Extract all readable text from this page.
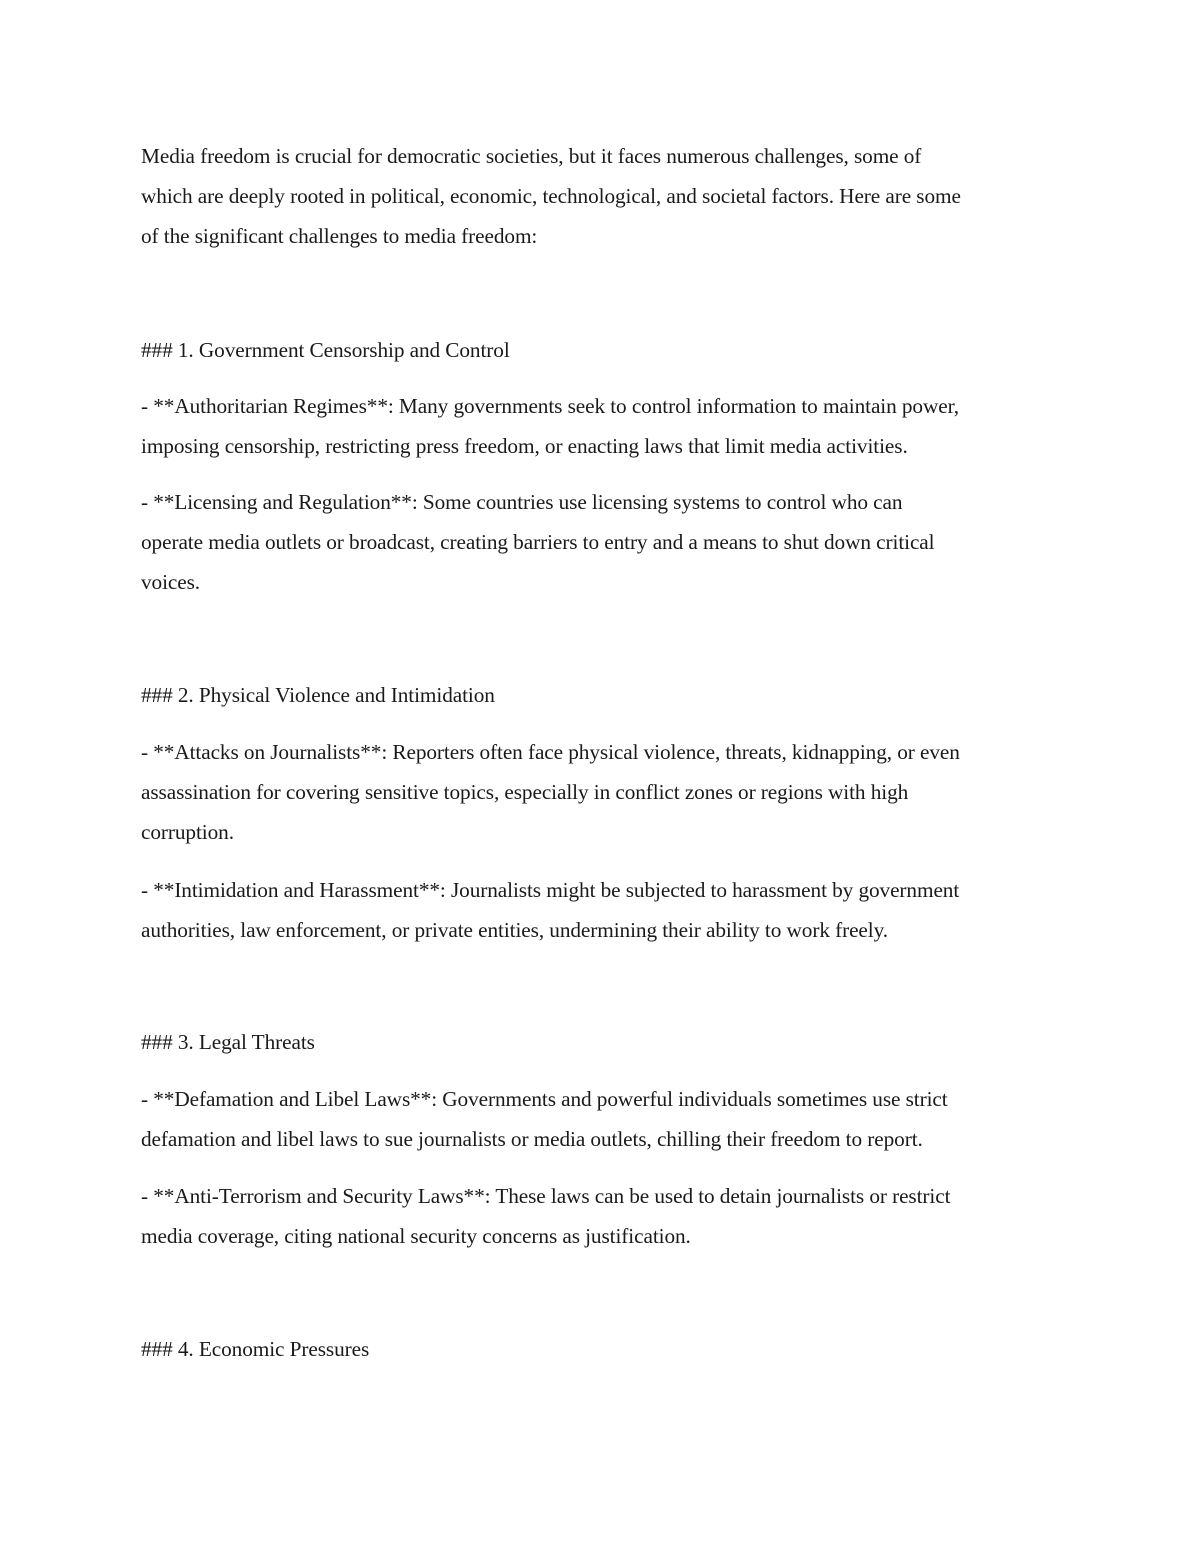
Media freedom is crucial for democratic societies, but it faces numerous challenges, some of
which are deeply rooted in political, economic, technological, and societal factors. Here are some
of the significant challenges to media freedom:

### 1. Government Censorship and Control

- **Authoritarian Regimes**: Many governments seek to control information to maintain power,
imposing censorship, restricting press freedom, or enacting laws that limit media activities.

- **Licensing and Regulation**: Some countries use licensing systems to control who can
operate media outlets or broadcast, creating barriers to entry and a means to shut down critical
voices.

### 2. Physical Violence and Intimidation

- **Attacks on Journalists**: Reporters often face physical violence, threats, kidnapping, or even
assassination for covering sensitive topics, especially in conflict zones or regions with high
corruption.

- **Intimidation and Harassment**: Journalists might be subjected to harassment by government
authorities, law enforcement, or private entities, undermining their ability to work freely.

### 3. Legal Threats

- **Defamation and Libel Laws**: Governments and powerful individuals sometimes use strict
defamation and libel laws to sue journalists or media outlets, chilling their freedom to report.

- **Anti-Terrorism and Security Laws**: These laws can be used to detain journalists or restrict
media coverage, citing national security concerns as justification.

### 4. Economic Pressures
